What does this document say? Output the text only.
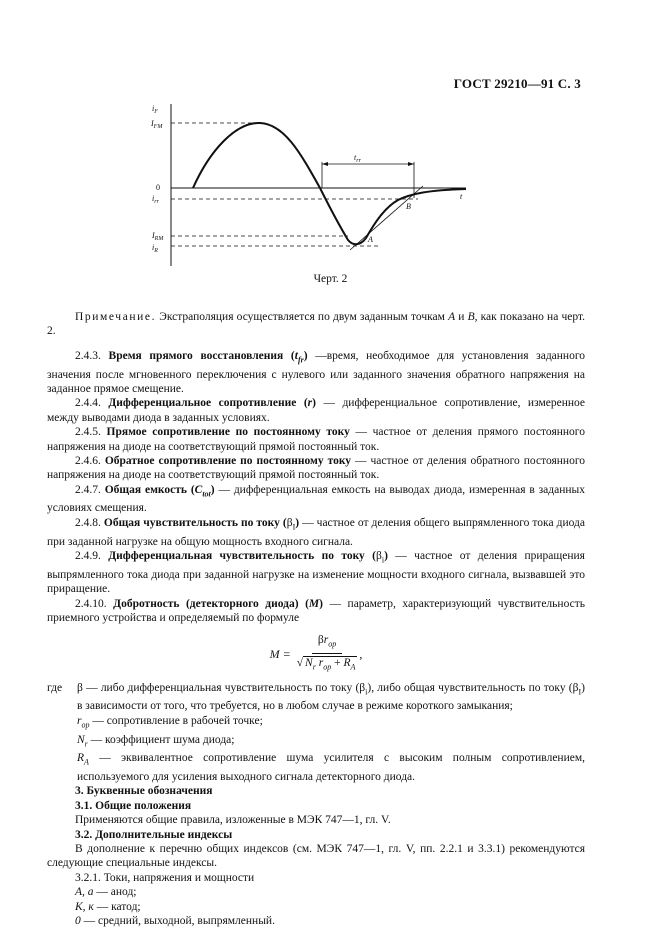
ГОСТ 29210—91 С. 3
$i_F$
t
$I_{FM}$
0
$i_{rr}$
$I_{RM}$
$i_R$
$t_{rr}$
A
B
Черт. 2

Примечание. Экстраполяция осуществляется по двум заданным точкам A и B, как показано на черт. 2.

2.4.3. Время прямого восстановления $(t_{fr})$ —время, необходимое для установления заданного значения после мгновенного переключения с нулевого или заданного значения обратного напряжения на заданное прямое смещение.

2.4.4. Дифференциальное сопротивление (r) — дифференциальное сопротивление, измеренное между выводами диода в заданных условиях.

2.4.5. Прямое сопротивление по постоянному току — частное от деления прямого постоянного напряжения на диоде на соответствующий прямой постоянный ток.

2.4.6. Обратное сопротивление по постоянному току — частное от деления обратного постоянного напряжения на диоде на соответствующий прямой постоянный ток.

2.4.7. Общая емкость $(C_{tot})$ — дифференциальная емкость на выводах диода, измеренная в заданных условиях смещения.

2.4.8. Общая чувствительность по току $(\beta_I)$ — частное от деления общего выпрямленного тока диода при заданной нагрузке на общую мощность входного сигнала.

2.4.9. Дифференциальная чувствительность по току $(\beta_i)$ — частное от деления приращения выпрямленного тока диода при заданной нагрузке на изменение мощности входного сигнала, вызвавшей это приращение.

2.4.10. Добротность (детекторного диода) (M) — параметр, характеризующий чувствительность приемного устройства и определяемый по формуле

$M = \frac{\beta r_{op}}{√ N_r r_{op} + R_A}$ ,
где	β — либо дифференциальная чувствительность по току $(\beta_i)$, либо общая чувствительность по току $(\beta_I)$ в зависимости от того, что требуется, но в любом случае в режиме короткого замыкания;
$r_{op}$ — сопротивление в рабочей точке;
$N_r$ — коэффициент шума диода;
$R_A$ — эквивалентное сопротивление шума усилителя с высоким полным сопротивлением, используемого для усиления выходного сигнала детекторного диода.

3. Буквенные обозначения

3.1. Общие положения

Применяются общие правила, изложенные в МЭК 747—1, гл. V.

3.2. Дополнительные индексы

В дополнение к перечню общих индексов (см. МЭК 747—1, гл. V, пп. 2.2.1 и 3.3.1) рекомендуются следующие специальные индексы.

3.2.1. Токи, напряжения и мощности

A, a — анод;

K, к — катод;

0 — средний, выходной, выпрямленный.
